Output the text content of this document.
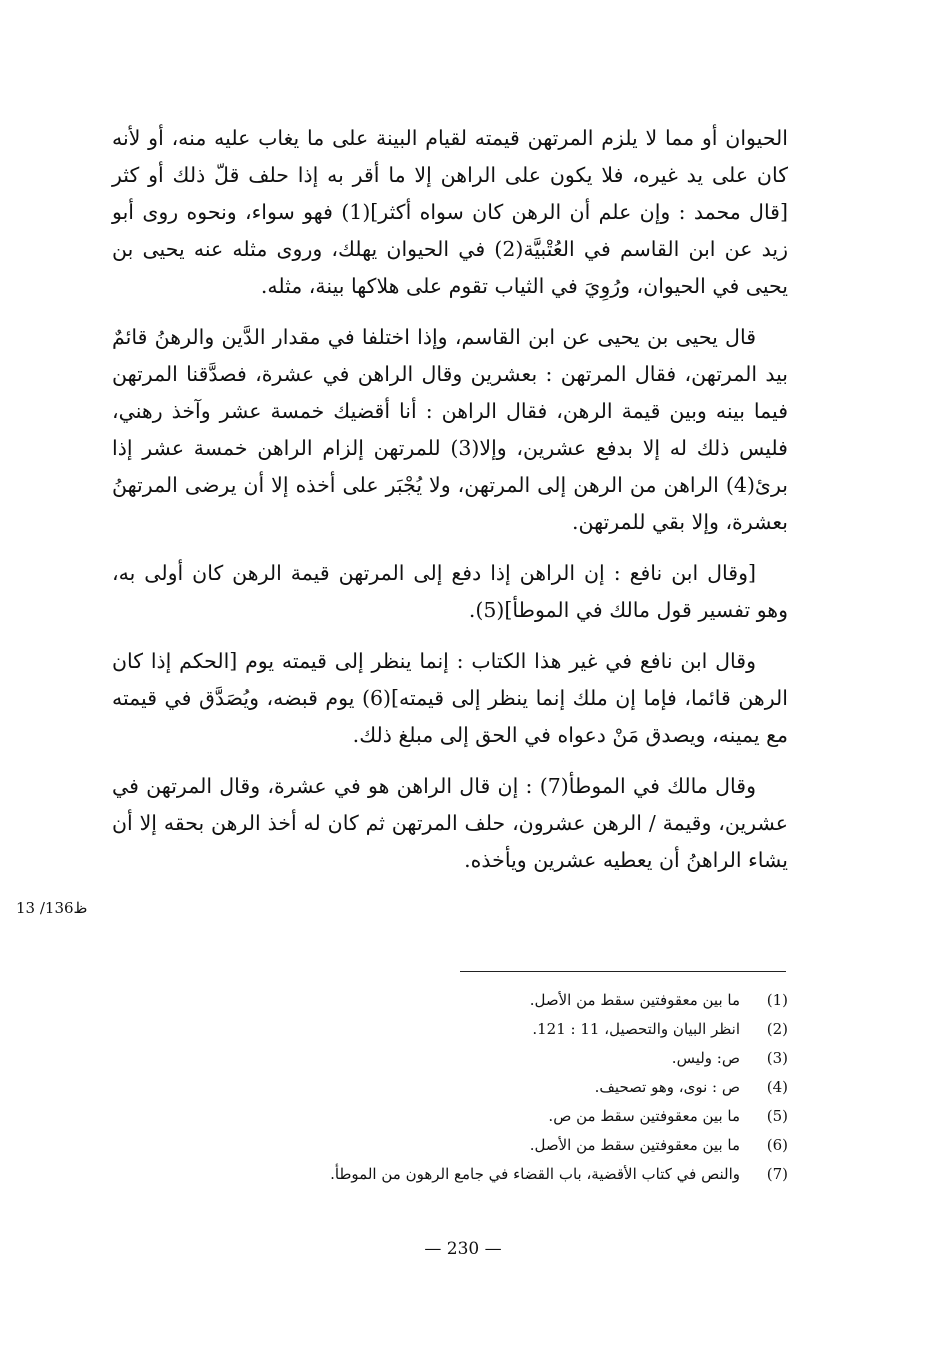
الحيوان أو مما لا يلزم المرتهن قيمته لقيام البينة على ما يغاب عليه منه، أو لأنه كان على يد غيره، فلا يكون على الراهن إلا ما أقر به إذا حلف قلّ ذلك أو كثر [قال محمد : وإن علم أن الرهن كان سواه أكثر](1) فهو سواء، ونحوه روى أبو زيد عن ابن القاسم في العُتْبيَّة(2) في الحيوان يهلك، وروى مثله عنه يحيى بن يحيى في الحيوان، ورُوِيَ في الثياب تقوم على هلاكها بينة، مثله.

قال يحيى بن يحيى عن ابن القاسم، وإذا اختلفا في مقدار الدَّين والرهنُ قائمٌ بيد المرتهن، فقال المرتهن : بعشرين وقال الراهن في عشرة، فصدَّقنا المرتهن فيما بينه وبين قيمة الرهن، فقال الراهن : أنا أقضيك خمسة عشر وآخذ رهني، فليس ذلك له إلا بدفع عشرين، وإلا(3) للمرتهن إلزام الراهن خمسة عشر إذا برئ(4) الراهن من الرهن إلى المرتهن، ولا يُجْبَر على أخذه إلا أن يرضى المرتهنُ بعشرة، وإلا بقي للمرتهن.

[وقال ابن نافع : إن الراهن إذا دفع إلى المرتهن قيمة الرهن كان أولى به، وهو تفسير قول مالك في الموطأ](5).

وقال ابن نافع في غير هذا الكتاب : إنما ينظر إلى قيمته يوم [الحكم إذا كان الرهن قائما، فإما إن ملك إنما ينظر إلى قيمته](6) يوم قبضه، ويُصَدَّق في قيمته مع يمينه، ويصدق مَنْ دعواه في الحق إلى مبلغ ذلك.

وقال مالك في الموطأ(7) : إن قال الراهن هو في عشرة، وقال المرتهن في عشرين، وقيمة / الرهن عشرون، حلف المرتهن ثم كان له أخذ الرهن بحقه إلا أن يشاء الراهنُ أن يعطيه عشرين ويأخذه.

13 /136ظ
(1)
ما بين معقوفتين سقط من الأصل.
(2)
انظر البيان والتحصيل، 11 : 121.
(3)
ص: وليس.
(4)
ص : نوى، وهو تصحيف.
(5)
ما بين معقوفتين سقط من ص.
(6)
ما بين معقوفتين سقط من الأصل.
(7)
والنص في كتاب الأقضية، باب القضاء في جامع الرهون من الموطأ.
— 230 —
